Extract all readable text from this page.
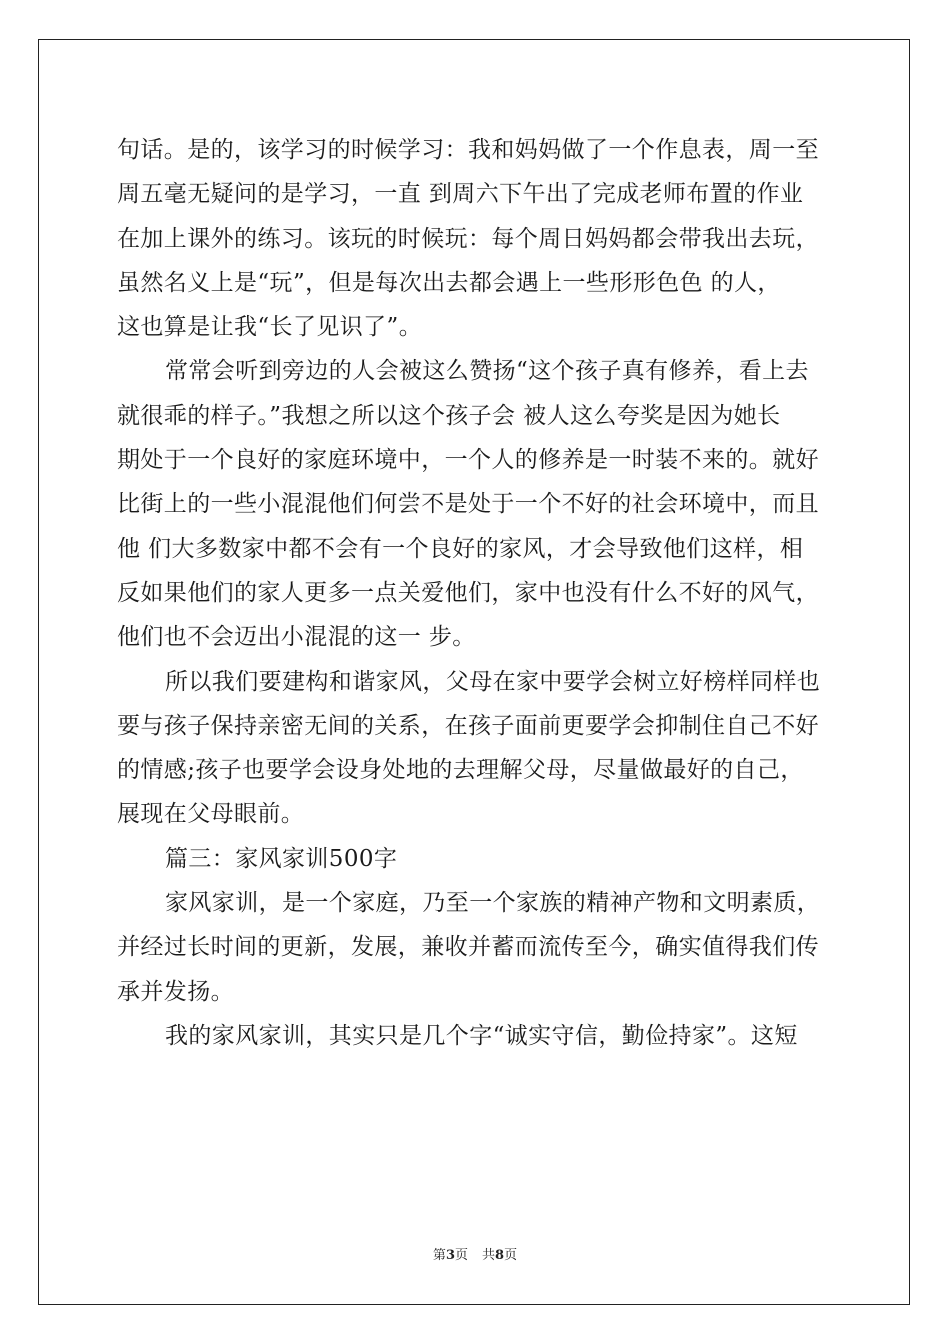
句话。是的，该学习的时候学习：我和妈妈做了一个作息表，周一至
周五毫无疑问的是学习，一直 到周六下午出了完成老师布置的作业
在加上课外的练习。该玩的时候玩：每个周日妈妈都会带我出去玩，
虽然名义上是“玩”，但是每次出去都会遇上一些形形色色 的人，
这也算是让我“长了见识了”。
常常会听到旁边的人会被这么赞扬“这个孩子真有修养，看上去
就很乖的样子。”我想之所以这个孩子会 被人这么夸奖是因为她长
期处于一个良好的家庭环境中，一个人的修养是一时装不来的。就好
比街上的一些小混混他们何尝不是处于一个不好的社会环境中，而且
他 们大多数家中都不会有一个良好的家风，才会导致他们这样，相
反如果他们的家人更多一点关爱他们，家中也没有什么不好的风气，
他们也不会迈出小混混的这一 步。
所以我们要建构和谐家风，父母在家中要学会树立好榜样同样也
要与孩子保持亲密无间的关系，在孩子面前更要学会抑制住自己不好
的情感;孩子也要学会设身处地的去理解父母，尽量做最好的自己，
展现在父母眼前。
篇三：家风家训500字
家风家训，是一个家庭，乃至一个家族的精神产物和文明素质，
并经过长时间的更新，发展，兼收并蓄而流传至今，确实值得我们传
承并发扬。
我的家风家训，其实只是几个字“诚实守信，勤俭持家”。这短
第3页 共8页
